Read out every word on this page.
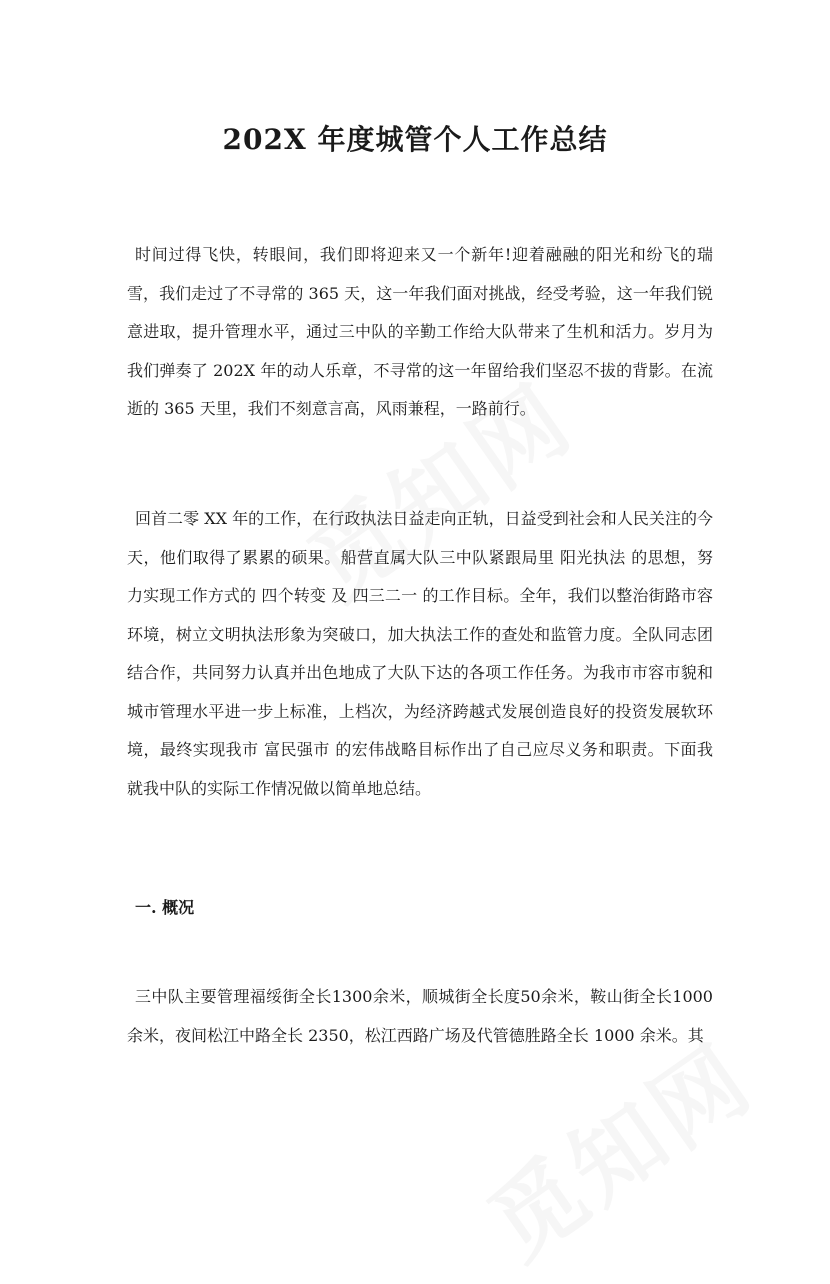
202X 年度城管个人工作总结

时间过得飞快，转眼间，我们即将迎来又一个新年!迎着融融的阳光和纷飞的瑞雪，我们走过了不寻常的 365 天，这一年我们面对挑战，经受考验，这一年我们锐意进取，提升管理水平，通过三中队的辛勤工作给大队带来了生机和活力。岁月为我们弹奏了 202X 年的动人乐章，不寻常的这一年留给我们坚忍不拔的背影。在流逝的 365 天里，我们不刻意言高，风雨兼程，一路前行。

回首二零 XX 年的工作，在行政执法日益走向正轨，日益受到社会和人民关注的今天，他们取得了累累的硕果。船营直属大队三中队紧跟局里 阳光执法 的思想，努力实现工作方式的 四个转变 及 四三二一 的工作目标。全年，我们以整治街路市容环境，树立文明执法形象为突破口，加大执法工作的查处和监管力度。全队同志团结合作，共同努力认真并出色地成了大队下达的各项工作任务。为我市市容市貌和城市管理水平进一步上标准，上档次，为经济跨越式发展创造良好的投资发展软环境，最终实现我市 富民强市 的宏伟战略目标作出了自己应尽义务和职责。下面我就我中队的实际工作情况做以简单地总结。

一. 概况

三中队主要管理福绥街全长1300余米，顺城街全长度50余米，鞍山街全长1000余米，夜间松江中路全长 2350，松江西路广场及代管德胜路全长 1000 余米。其
